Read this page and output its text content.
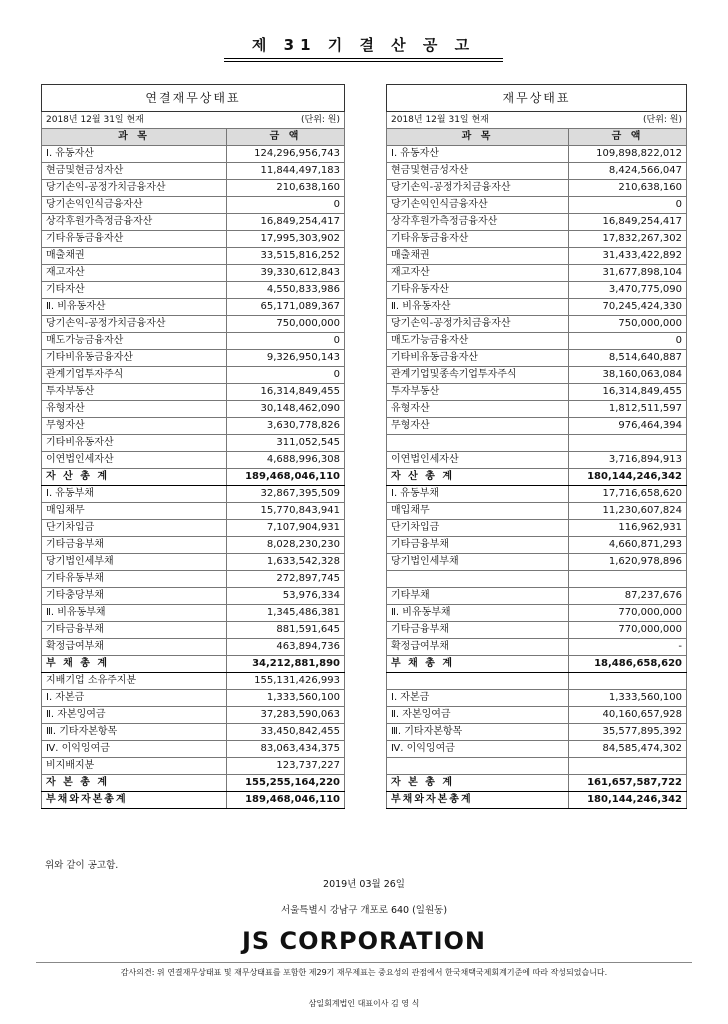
제 31 기 결 산 공 고
연결재무상태표	

2018년 12월 31일 현재 (단위: 원)	

과 목	금 액
Ⅰ. 유동자산	124,296,956,743
현금및현금성자산	11,844,497,183
당기손익-공정가치금융자산	210,638,160
당기손익인식금융자산	0
상각후원가측정금융자산	16,849,254,417
기타유동금융자산	17,995,303,902
매출채권	33,515,816,252
재고자산	39,330,612,843
기타자산	4,550,833,986
Ⅱ. 비유동자산	65,171,089,367
당기손익-공정가치금융자산	750,000,000
매도가능금융자산	0
기타비유동금융자산	9,326,950,143
관계기업투자주식	0
투자부동산	16,314,849,455
유형자산	30,148,462,090
무형자산	3,630,778,826
기타비유동자산	311,052,545
이연법인세자산	4,688,996,308
자 산 총 계	189,468,046,110
Ⅰ. 유동부채	32,867,395,509
매입채무	15,770,843,941
단기차입금	7,107,904,931
기타금융부채	8,028,230,230
당기법인세부채	1,633,542,328
기타유동부채	272,897,745
기타충당부채	53,976,334
Ⅱ. 비유동부채	1,345,486,381
기타금융부채	881,591,645
확정급여부채	463,894,736
부 채 총 계	34,212,881,890
지배기업 소유주지분	155,131,426,993
Ⅰ. 자본금	1,333,560,100
Ⅱ. 자본잉여금	37,283,590,063
Ⅲ. 기타자본항목	33,450,842,455
Ⅳ. 이익잉여금	83,063,434,375
비지배지분	123,737,227
자 본 총 계	155,255,164,220
부채와자본총계	189,468,046,110
재무상태표	

2018년 12월 31일 현재 (단위: 원)	

과 목	금 액
Ⅰ. 유동자산	109,898,822,012
현금및현금성자산	8,424,566,047
당기손익-공정가치금융자산	210,638,160
당기손익인식금융자산	0
상각후원가측정금융자산	16,849,254,417
기타유동금융자산	17,832,267,302
매출채권	31,433,422,892
재고자산	31,677,898,104
기타유동자산	3,470,775,090
Ⅱ. 비유동자산	70,245,424,330
당기손익-공정가치금융자산	750,000,000
매도가능금융자산	0
기타비유동금융자산	8,514,640,887
관계기업및종속기업투자주식	38,160,063,084
투자부동산	16,314,849,455
유형자산	1,812,511,597
무형자산	976,464,394

이연법인세자산	3,716,894,913
자 산 총 계	180,144,246,342
Ⅰ. 유동부채	17,716,658,620
매입채무	11,230,607,824
단기차입금	116,962,931
기타금융부채	4,660,871,293
당기법인세부채	1,620,978,896

기타부채	87,237,676
Ⅱ. 비유동부채	770,000,000
기타금융부채	770,000,000
확정급여부채	-
부 채 총 계	18,486,658,620

Ⅰ. 자본금	1,333,560,100
Ⅱ. 자본잉여금	40,160,657,928
Ⅲ. 기타자본항목	35,577,895,392
Ⅳ. 이익잉여금	84,585,474,302

자 본 총 계	161,657,587,722
부채와자본총계	180,144,246,342
위와 같이 공고함.
2019년 03월 26일
서울특별시 강남구 개포로 640 (일원동)
JS CORPORATION
감사의견: 위 연결재무상태표 및 재무상태표를 포함한 제29기 재무제표는 중요성의 관점에서 한국채택국제회계기준에 따라 작성되었습니다.
삼일회계법인 대표이사 김 영 식
